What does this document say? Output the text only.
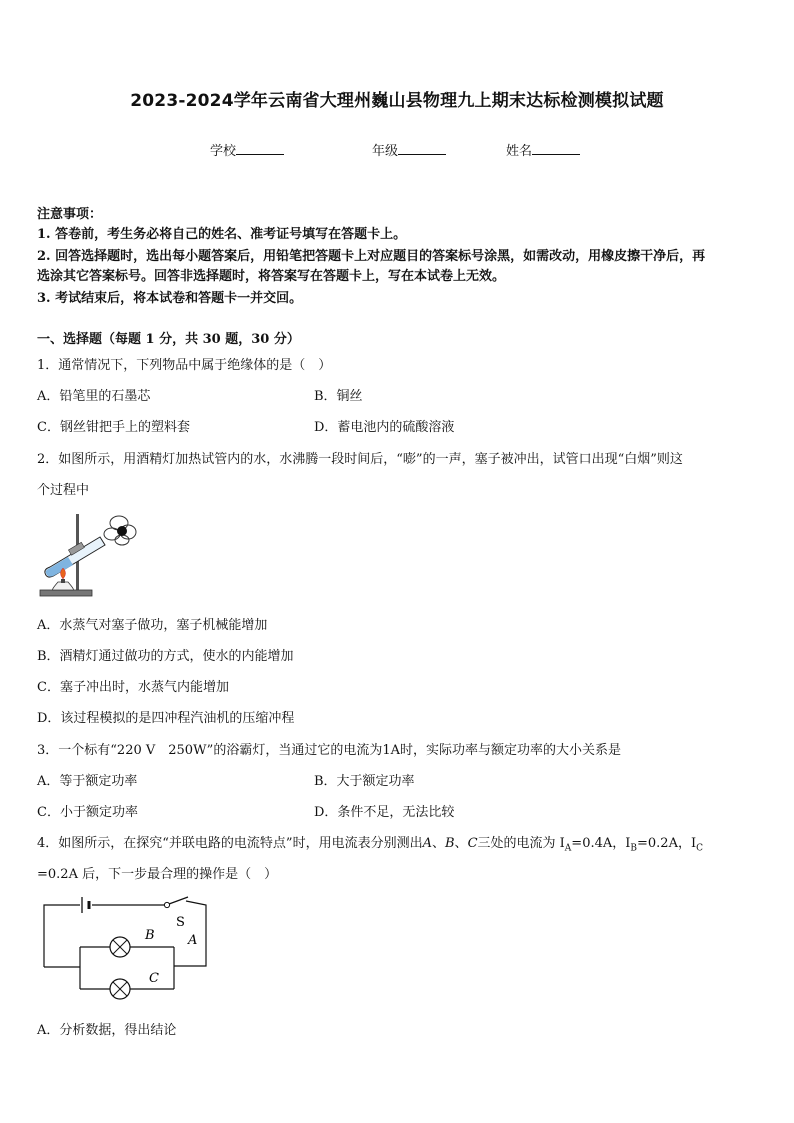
2023-2024学年云南省大理州巍山县物理九上期末达标检测模拟试题
学校	年级	姓名
注意事项：
1. 答卷前，考生务必将自己的姓名、准考证号填写在答题卡上。
2. 回答选择题时，选出每小题答案后，用铅笔把答题卡上对应题目的答案标号涂黑，如需改动，用橡皮擦干净后，再
选涂其它答案标号。回答非选择题时，将答案写在答题卡上，写在本试卷上无效。
3. 考试结束后，将本试卷和答题卡一并交回。
一、选择题（每题 1 分，共 30 题，30 分）
1．通常情况下，下列物品中属于绝缘体的是（　）
A．铅笔里的石墨芯	B．铜丝
C．钢丝钳把手上的塑料套	D．蓄电池内的硫酸溶液
2．如图所示，用酒精灯加热试管内的水，水沸腾一段时间后，“嘭”的一声，塞子被冲出，试管口出现“白烟”则这
个过程中
A．水蒸气对塞子做功，塞子机械能增加
B．酒精灯通过做功的方式，使水的内能增加
C．塞子冲出时，水蒸气内能增加
D．该过程模拟的是四冲程汽油机的压缩冲程
3．一个标有“220 V　250W”的浴霸灯，当通过它的电流为1A时，实际功率与额定功率的大小关系是
A．等于额定功率	B．大于额定功率
C．小于额定功率	D．条件不足，无法比较
4．如图所示，在探究“并联电路的电流特点”时，用电流表分别测出A、B、C三处的电流为 $I_A=0.4A$，$I_B=0.2A$，$I_C$
=0.2A 后，下一步最合理的操作是（　）
S
B	A
C
A．分析数据，得出结论
